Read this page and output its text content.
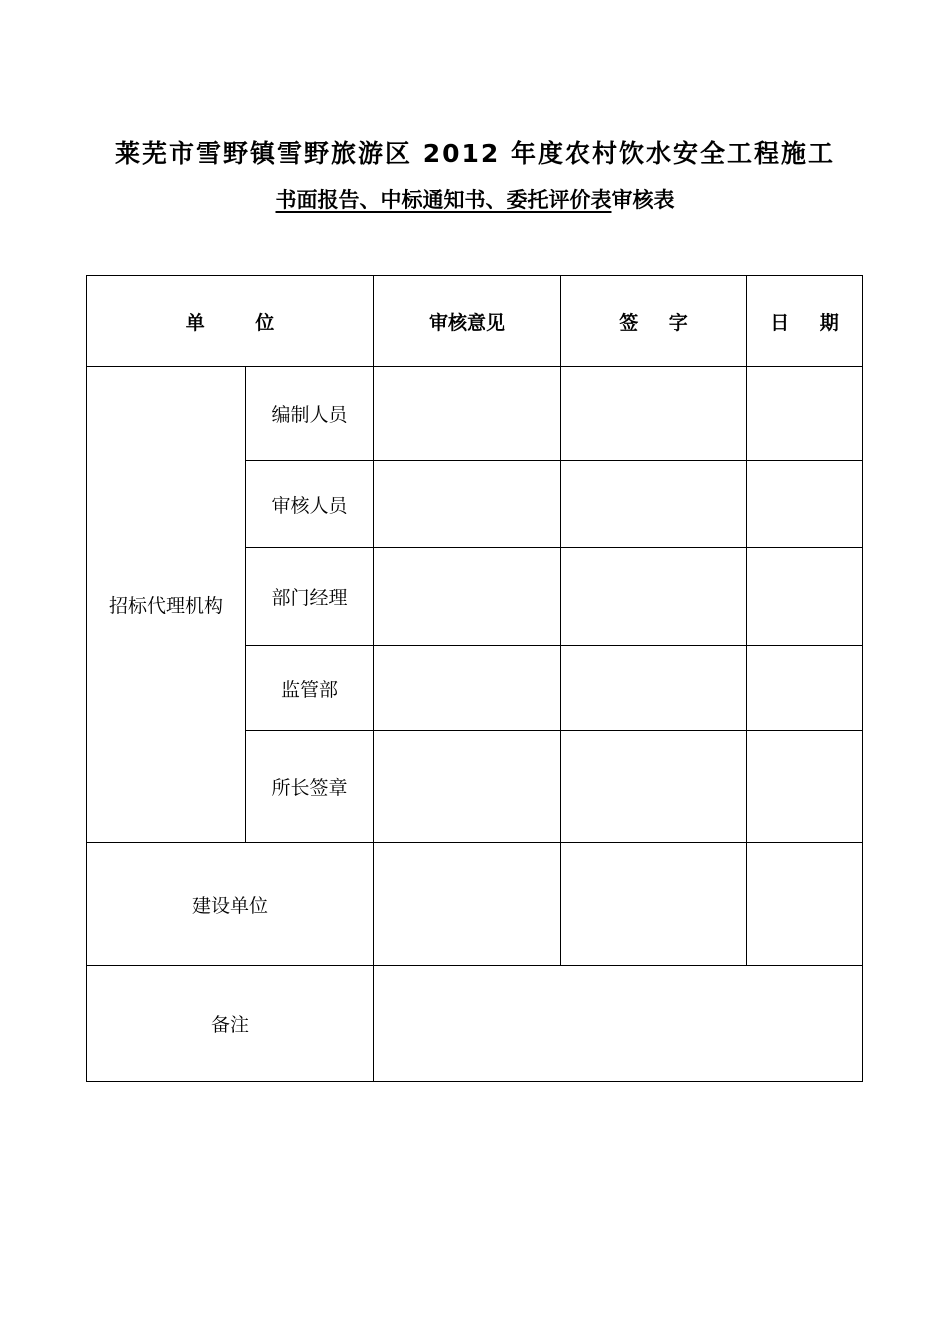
莱芜市雪野镇雪野旅游区 2012 年度农村饮水安全工程施工
书面报告、中标通知书、委托评价表审核表
单 位		审核意见	签 字	日 期
招标代理机构	编制人员			
	审核人员			
	部门经理			
	监管部			
	所长签章			
建设单位				
备注				
